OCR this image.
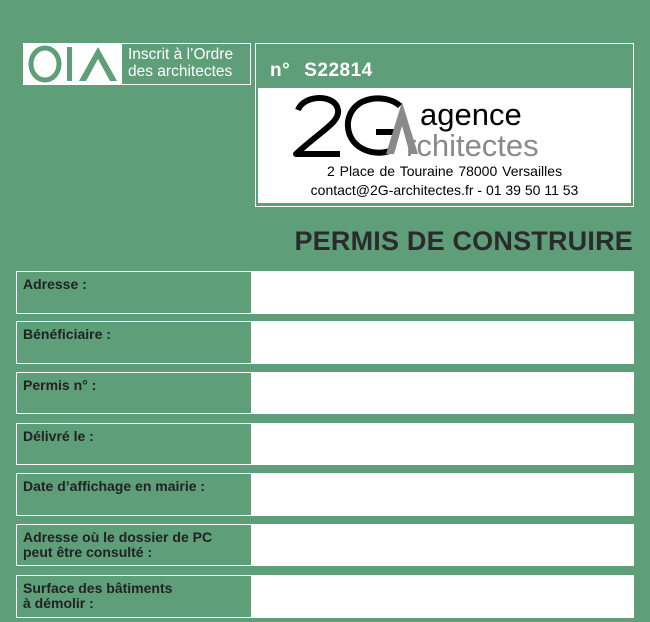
Inscrit à l’Ordre
des architectes n° S22814
agence
rchitectes
2 Place de Touraine 78000 Versailles
contact@2G-architectes.fr - 01 39 50 11 53
PERMIS DE CONSTRUIRE
Adresse :
Bénéficiaire :
Permis n° :
Délivré le :
Date d’affichage en mairie :
Adresse où le dossier de PC
peut être consulté :
Surface des bâtiments
à démolir :
